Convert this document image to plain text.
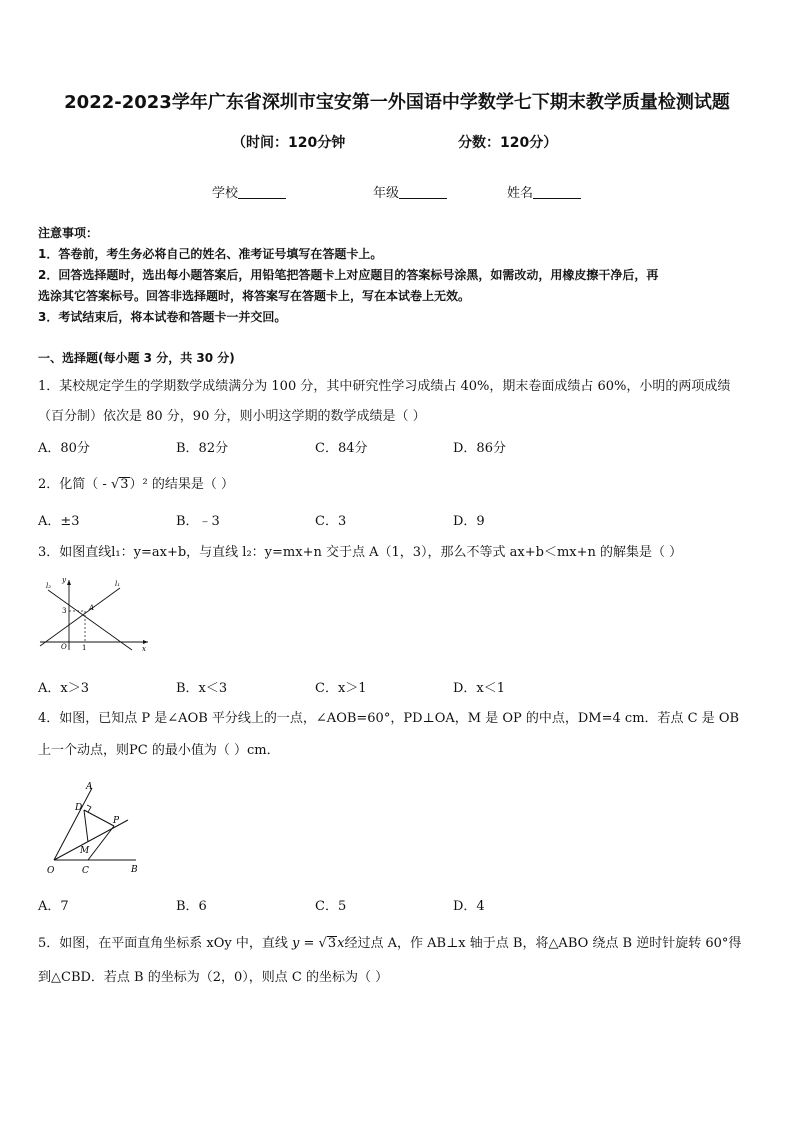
2022-2023学年广东省深圳市宝安第一外国语中学数学七下期末教学质量检测试题
（时间：120分钟	分数：120分）
学校	年级	姓名
注意事项：
1．答卷前，考生务必将自己的姓名、准考证号填写在答题卡上。
2．回答选择题时，选出每小题答案后，用铅笔把答题卡上对应题目的答案标号涂黑，如需改动，用橡皮擦干净后，再
选涂其它答案标号。回答非选择题时，将答案写在答题卡上，写在本试卷上无效。
3．考试结束后，将本试卷和答题卡一并交回。
一、选择题(每小题 3 分，共 30 分)
1．某校规定学生的学期数学成绩满分为 100 分，其中研究性学习成绩占 40%，期末卷面成绩占 60%，小明的两项成绩
（百分制）依次是 80 分，90 分，则小明这学期的数学成绩是（ ）
A．80分	B．82分	C．84分	D．86分
2．化简（ - √3）² 的结果是（ ）
A．±3	B．﹣3	C．3	D．9
3．如图直线l₁：y=ax+b，与直线 l₂：y=mx+n 交于点 A（1，3），那么不等式 ax+b＜mx+n 的解集是（ ）
l₂	l₁
y
x
3	A
O 1
A．x＞3	B．x＜3	C．x＞1	D．x＜1
4．如图，已知点 P 是∠AOB 平分线上的一点，∠AOB=60°，PD⊥OA，M 是 OP 的中点，DM=4 cm．若点 C 是 OB
上一个动点，则PC 的最小值为（ ）cm．
A
D
P
M
O	C	B
A．7	B．6	C．5	D．4
5．如图，在平面直角坐标系 xOy 中，直线 y = √3x经过点 A，作 AB⊥x 轴于点 B，将△ABO 绕点 B 逆时针旋转 60°得
到△CBD．若点 B 的坐标为（2，0），则点 C 的坐标为（ ）
